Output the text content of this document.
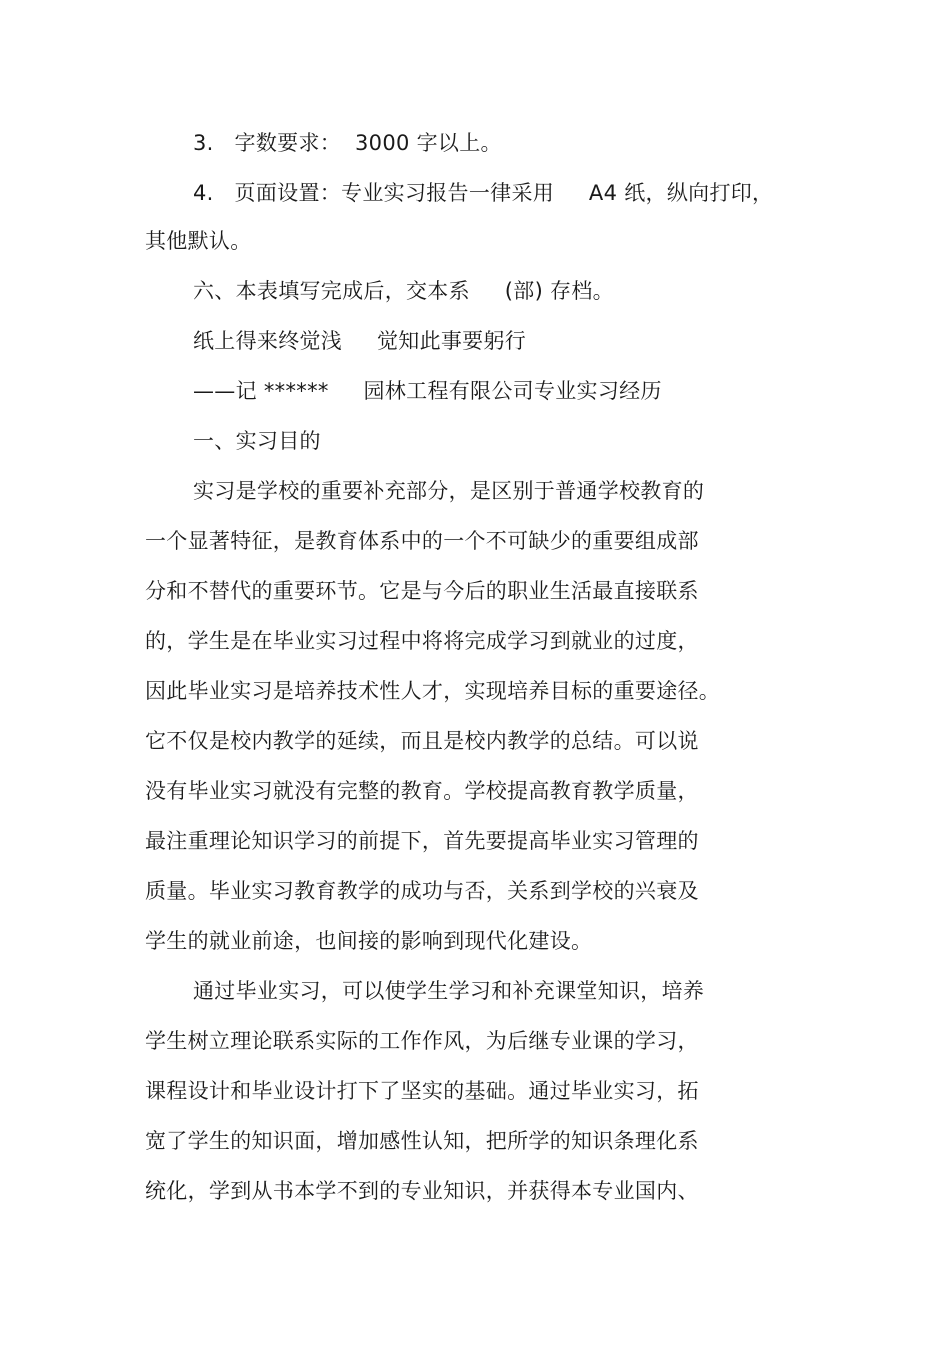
3.   字数要求：  3000 字以上。
4.   页面设置：专业实习报告一律采用     A4 纸，纵向打印，
其他默认。
六、本表填写完成后，交本系     (部) 存档。
纸上得来终觉浅     觉知此事要躬行
——记 ******     园林工程有限公司专业实习经历
一、实习目的
实习是学校的重要补充部分，是区别于普通学校教育的
一个显著特征，是教育体系中的一个不可缺少的重要组成部
分和不替代的重要环节。它是与今后的职业生活最直接联系
的，学生是在毕业实习过程中将将完成学习到就业的过度，
因此毕业实习是培养技术性人才，实现培养目标的重要途径。
它不仅是校内教学的延续，而且是校内教学的总结。可以说
没有毕业实习就没有完整的教育。学校提高教育教学质量，
最注重理论知识学习的前提下，首先要提高毕业实习管理的
质量。毕业实习教育教学的成功与否，关系到学校的兴衰及
学生的就业前途，也间接的影响到现代化建设。
通过毕业实习，可以使学生学习和补充课堂知识，培养
学生树立理论联系实际的工作作风，为后继专业课的学习，
课程设计和毕业设计打下了坚实的基础。通过毕业实习，拓
宽了学生的知识面，增加感性认知，把所学的知识条理化系
统化，学到从书本学不到的专业知识，并获得本专业国内、
